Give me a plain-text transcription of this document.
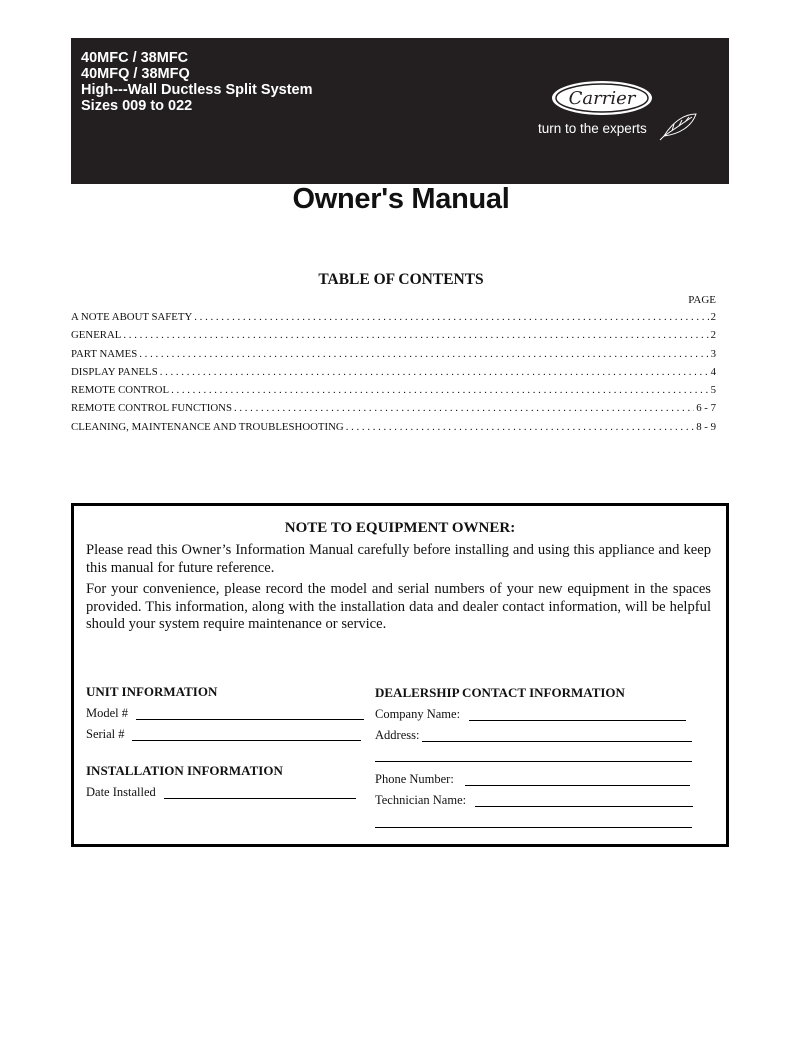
40MFC / 38MFC
40MFQ / 38MFQ
High---Wall Ductless Split System
Sizes 009 to 022	Carrier
turn to the experts
Owner's Manual
TABLE OF CONTENTS
PAGE
A NOTE ABOUT SAFETY . . .	2
GENERAL . . .	2
PART NAMES . . .	3
DISPLAY PANELS . . .	4
REMOTE CONTROL . . .	5
REMOTE CONTROL FUNCTIONS . . .	6 - 7
CLEANING, MAINTENANCE AND TROUBLESHOOTING . . .	8 - 9
NOTE TO EQUIPMENT OWNER:
Please read this Owner’s Information Manual carefully before installing and using this appliance and keep this manual for future reference.
For your convenience, please record the model and serial numbers of your new equipment in the spaces provided. This information, along with the installation data and dealer contact information, will be helpful should your system require maintenance or service.
UNIT INFORMATION
Model #
Serial #
INSTALLATION INFORMATION
Date Installed
DEALERSHIP CONTACT INFORMATION
Company Name:
Address:
Phone Number:
Technician Name:
